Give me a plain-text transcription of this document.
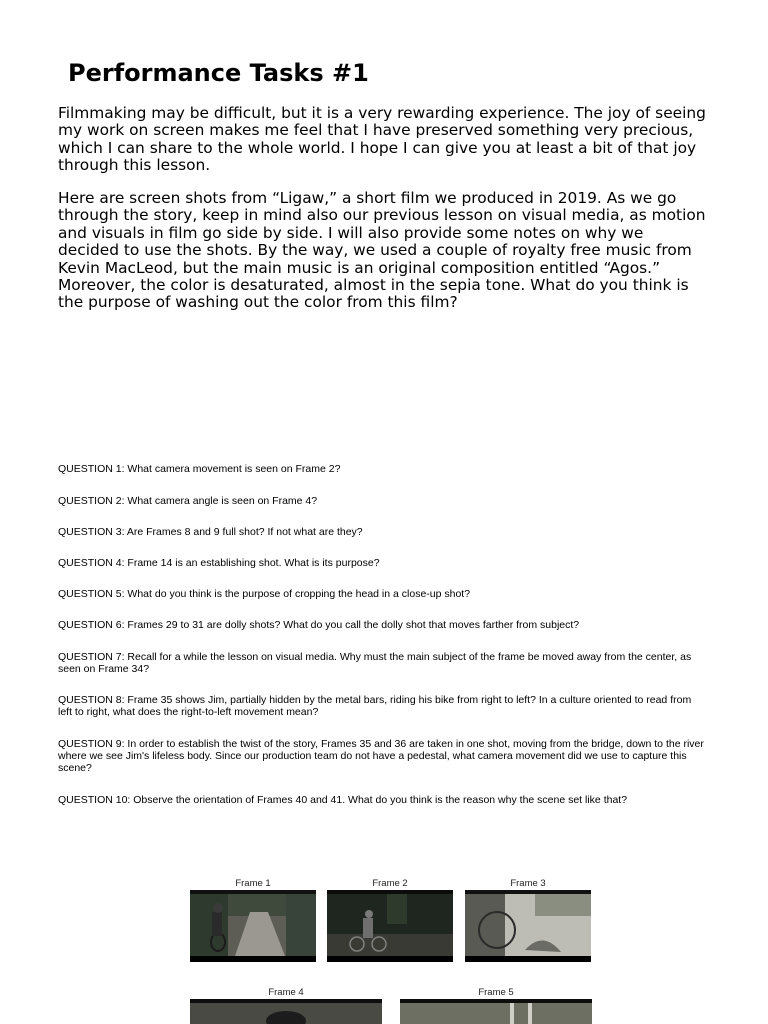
Performance Tasks #1

Filmmaking may be difficult, but it is a very rewarding experience. The joy of seeing my work on screen makes me feel that I have preserved something very precious, which I can share to the whole world. I hope I can give you at least a bit of that joy through this lesson.

Here are screen shots from “Ligaw,” a short film we produced in 2019. As we go through the story, keep in mind also our previous lesson on visual media, as motion and visuals in film go side by side. I will also provide some notes on why we decided to use the shots. By the way, we used a couple of royalty free music from Kevin MacLeod, but the main music is an original composition entitled “Agos.” Moreover, the color is desaturated, almost in the sepia tone. What do you think is the purpose of washing out the color from this film?

QUESTION 1: What camera movement is seen on Frame 2?

QUESTION 2: What camera angle is seen on Frame 4?

QUESTION 3: Are Frames 8 and 9 full shot? If not what are they?

QUESTION 4: Frame 14 is an establishing shot. What is its purpose?

QUESTION 5: What do you think is the purpose of cropping the head in a close-up shot?

QUESTION 6: Frames 29 to 31 are dolly shots? What do you call the dolly shot that moves farther from subject?

QUESTION 7: Recall for a while the lesson on visual media. Why must the main subject of the frame be moved away from the center, as seen on Frame 34?

QUESTION 8: Frame 35 shows Jim, partially hidden by the metal bars, riding his bike from right to left? In a culture oriented to read from left to right, what does the right-to-left movement mean?

QUESTION 9: In order to establish the twist of the story, Frames 35 and 36 are taken in one shot, moving from the bridge, down to the river where we see Jim's lifeless body. Since our production team do not have a pedestal, what camera movement did we use to capture this scene?

QUESTION 10: Observe the orientation of Frames 40 and 41. What do you think is the reason why the scene set like that?

Frame 1	Frame 2	Frame 3
Frame 4	Frame 5
